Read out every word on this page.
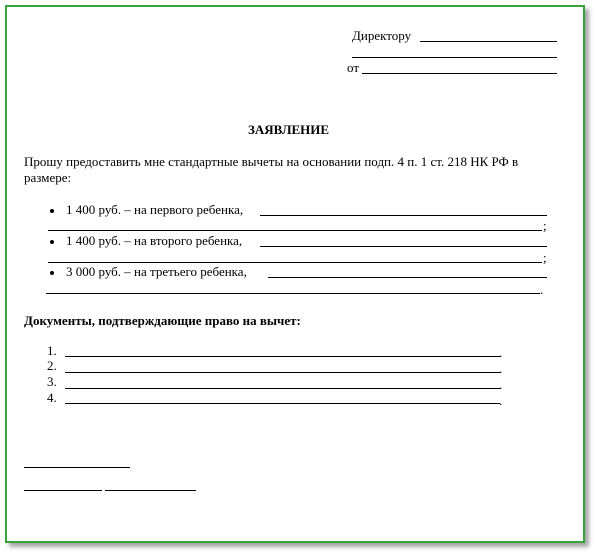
Директору
от
ЗАЯВЛЕНИЕ
Прошу предоставить мне стандартные вычеты на основании подп. 4 п. 1 ст. 218 НК РФ в
размере:
1 400 руб. – на первого ребенка,
;
1 400 руб. – на второго ребенка,
;
3 000 руб. – на третьего ребенка,
.
Документы, подтверждающие право на вычет:
1.	.
2.	.
3.	.
4.	.
